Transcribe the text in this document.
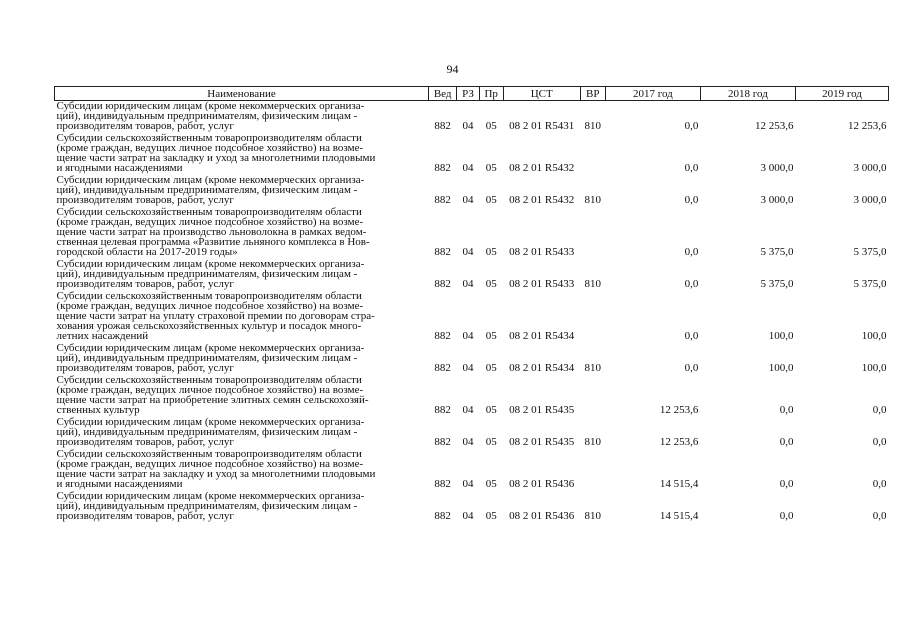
94
Наименование	Вед	РЗ	Пр	ЦСТ	ВР	2017 год	2018 год	2019 год
Субсидии юридическим лицам (кроме некоммерческих организа-
ций), индивидуальным предпринимателям, физическим лицам -
производителям товаров, работ, услуг	882	04	05	08 2 01 R5431	810	0,0	12 253,6	12 253,6
Субсидии сельскохозяйственным товаропроизводителям области
(кроме граждан, ведущих личное подсобное хозяйство) на возме-
щение части затрат на закладку и уход за многолетними плодовыми
и ягодными насаждениями	882	04	05	08 2 01 R5432		0,0	3 000,0	3 000,0
Субсидии юридическим лицам (кроме некоммерческих организа-
ций), индивидуальным предпринимателям, физическим лицам -
производителям товаров, работ, услуг	882	04	05	08 2 01 R5432	810	0,0	3 000,0	3 000,0
Субсидии сельскохозяйственным товаропроизводителям области
(кроме граждан, ведущих личное подсобное хозяйство) на возме-
щение части затрат на производство льноволокна в рамках ведом-
ственная целевая программа «Развитие льняного комплекса в Нов-
городской области на 2017-2019 годы»	882	04	05	08 2 01 R5433		0,0	5 375,0	5 375,0
Субсидии юридическим лицам (кроме некоммерческих организа-
ций), индивидуальным предпринимателям, физическим лицам -
производителям товаров, работ, услуг	882	04	05	08 2 01 R5433	810	0,0	5 375,0	5 375,0
Субсидии сельскохозяйственным товаропроизводителям области
(кроме граждан, ведущих личное подсобное хозяйство) на возме-
щение части затрат на уплату страховой премии по договорам стра-
хования урожая сельскохозяйственных культур и посадок много-
летних насаждений	882	04	05	08 2 01 R5434		0,0	100,0	100,0
Субсидии юридическим лицам (кроме некоммерческих организа-
ций), индивидуальным предпринимателям, физическим лицам -
производителям товаров, работ, услуг	882	04	05	08 2 01 R5434	810	0,0	100,0	100,0
Субсидии сельскохозяйственным товаропроизводителям области
(кроме граждан, ведущих личное подсобное хозяйство) на возме-
щение части затрат на приобретение элитных семян сельскохозяй-
ственных культур	882	04	05	08 2 01 R5435		12 253,6	0,0	0,0
Субсидии юридическим лицам (кроме некоммерческих организа-
ций), индивидуальным предпринимателям, физическим лицам -
производителям товаров, работ, услуг	882	04	05	08 2 01 R5435	810	12 253,6	0,0	0,0
Субсидии сельскохозяйственным товаропроизводителям области
(кроме граждан, ведущих личное подсобное хозяйство) на возме-
щение части затрат на закладку и уход за многолетними плодовыми
и ягодными насаждениями	882	04	05	08 2 01 R5436		14 515,4	0,0	0,0
Субсидии юридическим лицам (кроме некоммерческих организа-
ций), индивидуальным предпринимателям, физическим лицам -
производителям товаров, работ, услуг	882	04	05	08 2 01 R5436	810	14 515,4	0,0	0,0
